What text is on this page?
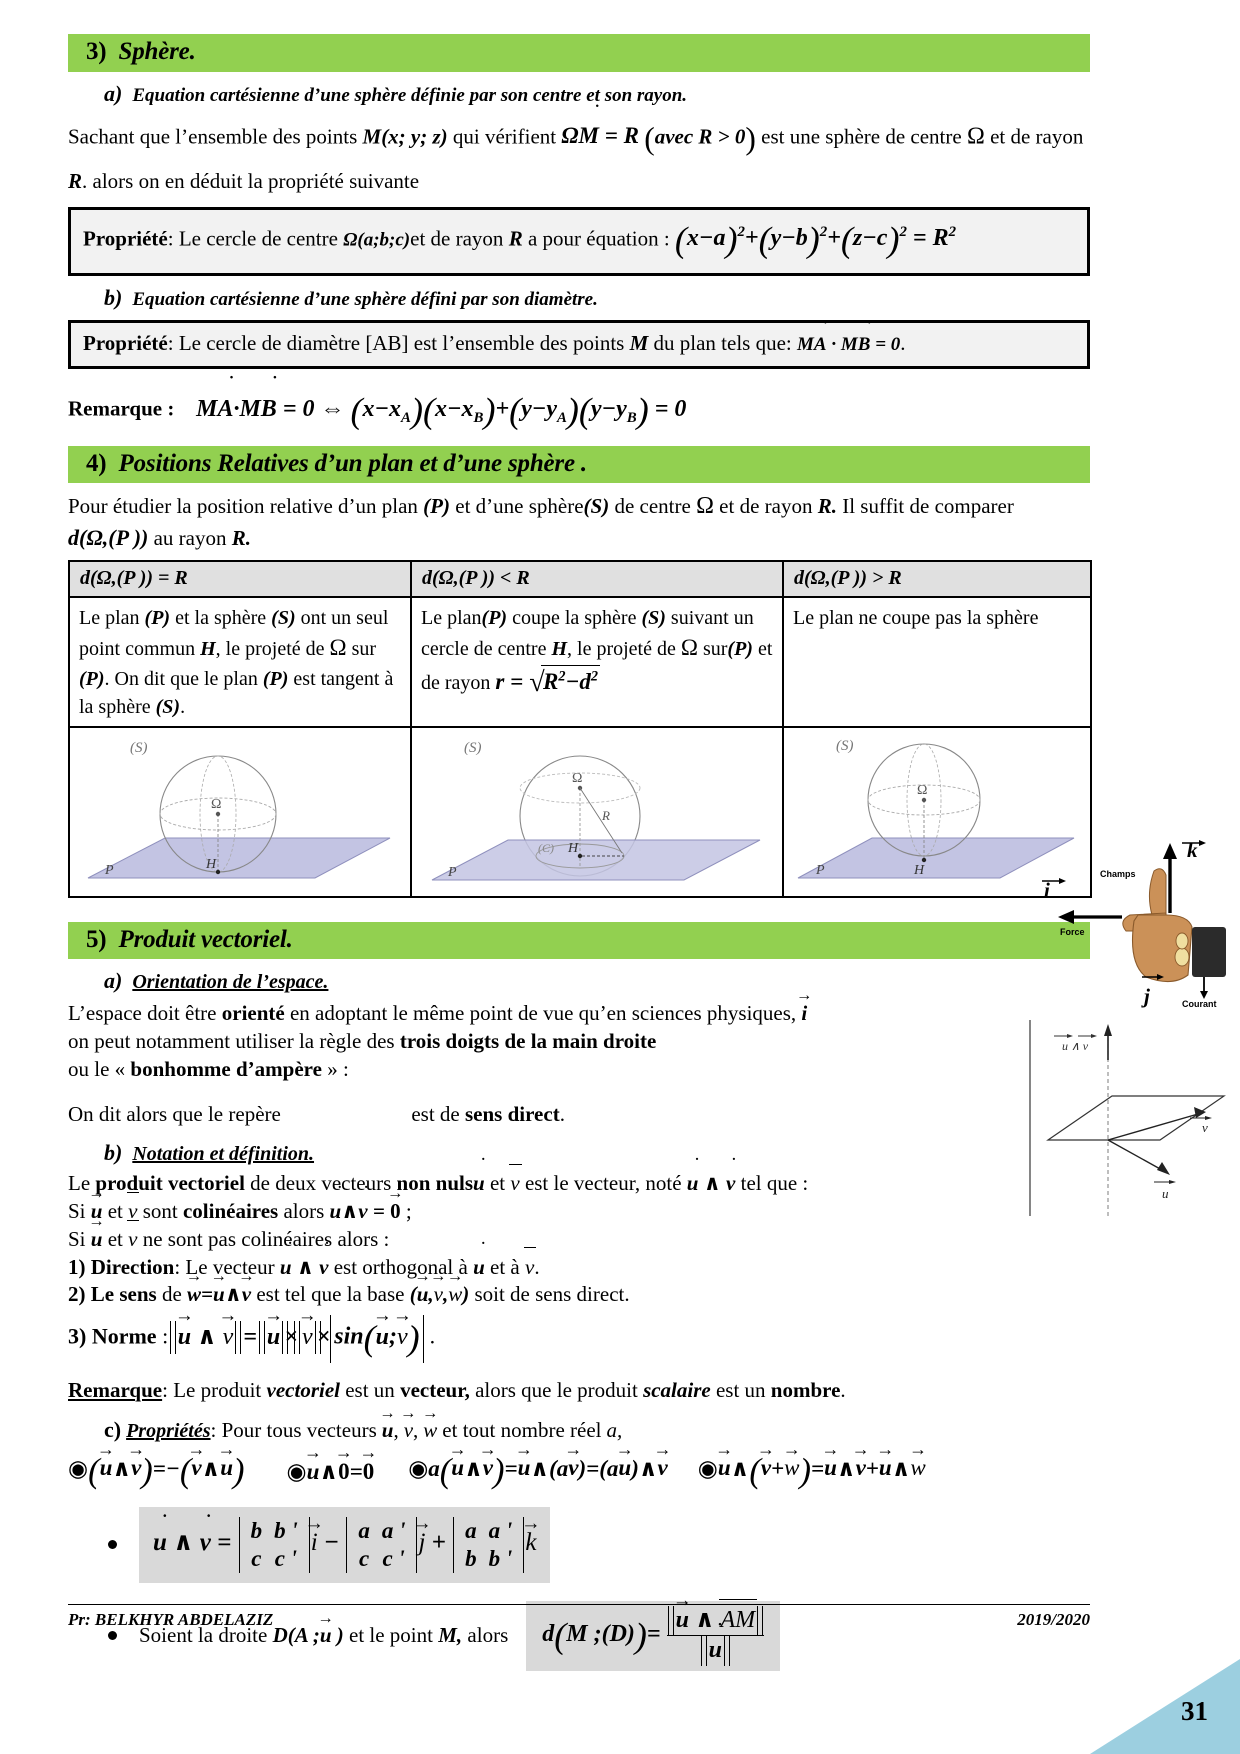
3) Sphère.
a) Equation cartésienne d’une sphère définie par son centre et son rayon.
Sachant que l’ensemble des points M(x; y; z) qui vérifient ΩM ˙ = R (avec R > 0) est une sphère de centre Ω et de rayon R. alors on en déduit la propriété suivante
Propriété: Le cercle de centre Ω(a;b;c)et de rayon R a pour équation : $(x-a)^2+(y-b)^2+(z-c)^2 = R^2$
b) Equation cartésienne d’une sphère défini par son diamètre.
Propriété: Le cercle de diamètre [AB] est l’ensemble des points M du plan tels que: MA ˙ · MB ˙ = 0.
Remarque :    MA ˙·MB ˙ = 0 ⇔ $(x-x_A)(x-x_B)+(y-y_A)(y-y_B) = 0$
4) Positions Relatives d’un plan et d’une sphère .
Pour étudier la position relative d’un plan (P) et d’une sphère(S) de centre Ω et de rayon R. Il suffit de comparer
d(Ω,(P )) au rayon R.
d(Ω,(P )) = R	d(Ω,(P )) < R	d(Ω,(P )) > R
Le plan (P) et la sphère (S) ont un seul point commun H, le projeté de Ω sur (P). On dit que le plan (P) est tangent à la sphère (S).	Le plan(P) coupe la sphère (S) suivant un cercle de centre H, le projeté de Ω sur(P) et de rayon r = √ $R^2-d^2$	Le plan ne coupe pas la sphère

(S)
Ω
H
P

(S)
Ω
R
H
(C)
P

(S)
Ω
H
P
5) Produit vectoriel.
a) Orientation de l’espace.
L’espace doit être orienté en adoptant le même point de vue qu’en sciences physiques, i →
on peut notamment utiliser la règle des trois doigts de la main droite
ou le « bonhomme d’ampère » :
On dit alors que le repère	est de sens direct.
b) Notation et définition.
Le produit vectoriel de deux vecteurs non nulsu ˙ et v est le vecteur, noté u ˙ ∧ v ˙ tel que :
Si u → et v sont colinéaires alors u ˙∧v ˙ = 0 → ;
Si u → et v ne sont pas colinéaires alors :
1) Direction: Le vecteur u ˙ ∧ v ˙ est orthogonal à u ˙ et à v.
2) Le sens de w →=u →∧v → est tel que la base (u →,v →,w →) soit de sens direct.
3) Norme : u → ∧ v → = u → × v → × sin(u →;v →) .
Remarque: Le produit vectoriel est un vecteur, alors que le produit scalaire est un nombre.
c) Propriétés: Pour tous vecteurs u →, v →, w → et tout nombre réel a,
◉(u →∧v →)=−(v →∧u →) ◉u →∧0 →=0 → ◉a(u →∧v →)=u →∧(av →)=(au →)∧v → ◉u →∧(v →+w →)=u →∧v →+u →∧w →
u ˙ ∧ v ˙ = b	b '
c	c '
i → − a	a '
c	c '
j → + a	a '
b	b '
k →
Soient la droite D(A ;u → ) et le point M, alors	d(M ;(D))= $\frac{u \to \wedge AM}{u}$ ˙
k
Champs
i
Force
j	Courant
u ∧ v
v
u
Pr: BELKHYR ABDELAZIZ	2019/2020
31
